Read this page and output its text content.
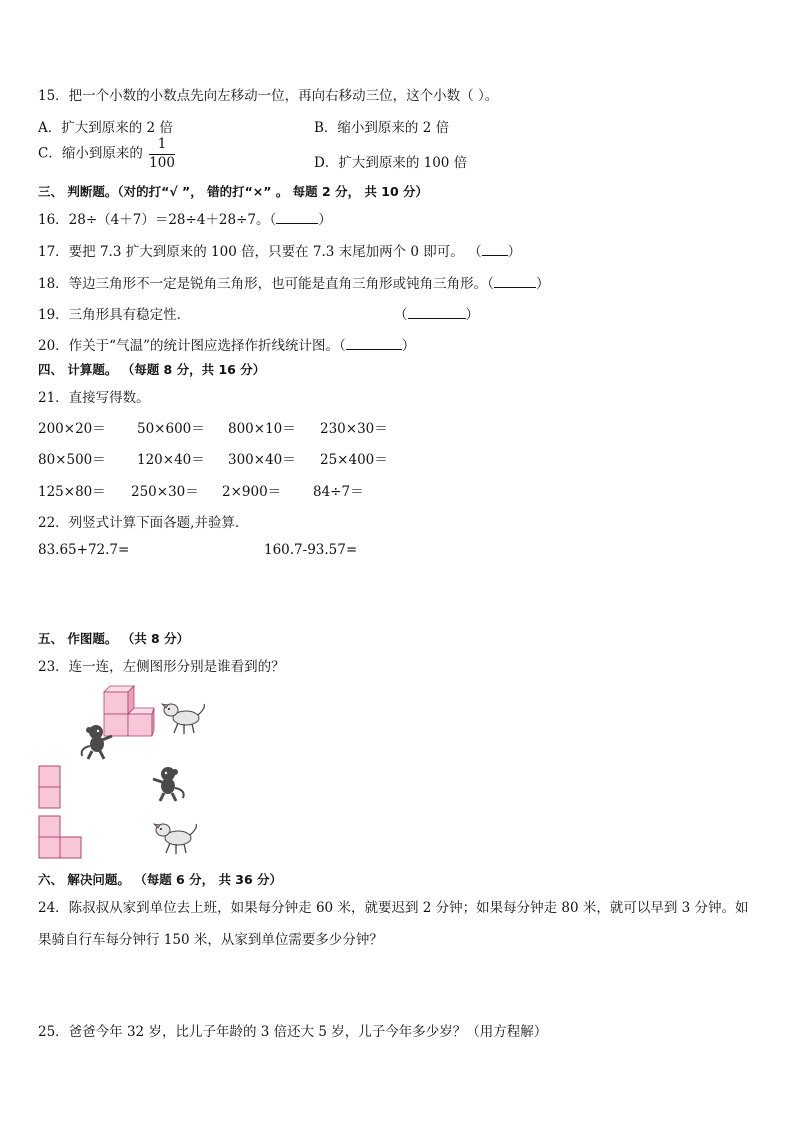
15．把一个小数的小数点先向左移动一位，再向右移动三位，这个小数（ ）。
A．扩大到原来的 2 倍	B．缩小到原来的 2 倍
C．缩小到原来的 $\frac{1}{100}$	D．扩大到原来的 100 倍
三、 判断题。（对的打“√ ”， 错的打“×” 。 每题 2 分， 共 10 分）
16．28÷（4＋7）＝28÷4＋28÷7。（	）
17．要把 7.3 扩大到原来的 100 倍，只要在 7.3 末尾加两个 0 即可。 （ ）
18．等边三角形不一定是锐角三角形，也可能是直角三角形或钝角三角形。（	）
19．三角形具有稳定性．	（	）
20．作关于“气温”的统计图应选择作折线统计图。（	）
四、 计算题。 （每题 8 分，共 16 分）
21．直接写得数。
200×20＝ 50×600＝ 800×10＝ 230×30＝
80×500＝ 120×40＝ 300×40＝ 25×400＝
125×80＝ 250×30＝ 2×900＝ 84÷7＝
22．列竖式计算下面各题,并验算．
83.65+72.7=	160.7-93.57=
五、 作图题。 （共 8 分）
23．连一连，左侧图形分别是谁看到的？
六、 解决问题。 （每题 6 分， 共 36 分）
24．陈叔叔从家到单位去上班，如果每分钟走 60 米，就要迟到 2 分钟；如果每分钟走 80 米，就可以早到 3 分钟。如
果骑自行车每分钟行 150 米，从家到单位需要多少分钟？
25．爸爸今年 32 岁，比儿子年龄的 3 倍还大 5 岁，儿子今年多少岁？（用方程解）
